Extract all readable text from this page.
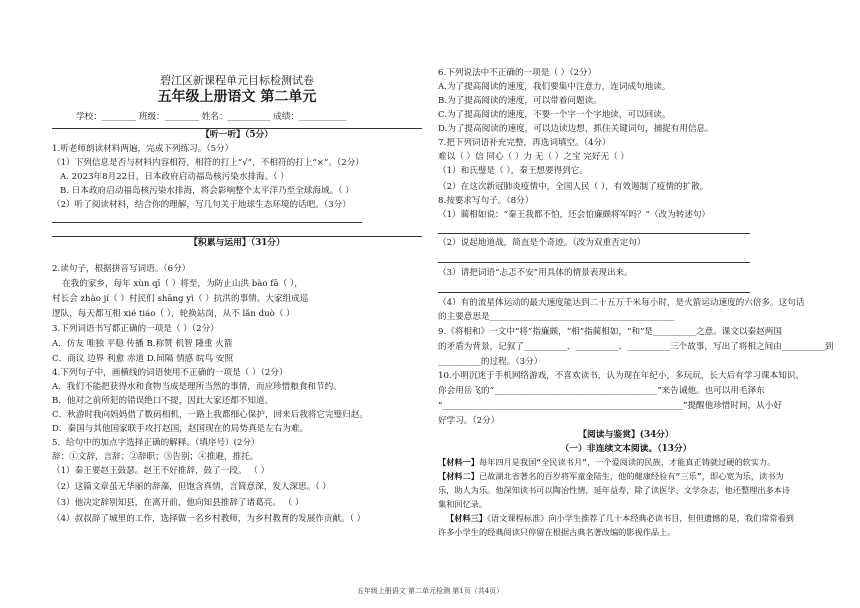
碧江区新课程单元目标检测试卷
五年级上册语文 第二单元
学校：________ 班级：________ 姓名：__________ 成绩：___________
【听一听】（5分）
1.听老师朗读材料两遍，完成下列练习。（5分）
（1）下列信息是否与材料内容相符，相符的打上“√”，不相符的打上“×”。（2分）
A. 2023年8月22日，日本政府启动福岛核污染水排海。（ ）
B. 日本政府启动福岛核污染水排海，将会影响整个太平洋乃至全球海域。（ ）
（2）听了阅读材料，结合你的理解，写几句关于地球生态环境的话吧。（3分）
【积累与运用】（31分）
2.读句子，根据拼音写词语。（6分）
在我的家乡，每年 xùn qī（ ）将至，为防止山洪 bào fā（ ），
村长会 zhào jí（ ）村民们 shāng yì（ ）抗洪的事情。大家组成巡
逻队，每天都互相 xié tiáo（ ），轮换站岗，从不 lǎn duò（ ）
3.下列词语书写都正确的一项是（ ）（2分）
A．仿友 唯独 平稳 传播 B.称赞 机智 隆重 火箭
C．商议 边界 利愈 赤道 D.间隔 情感 皖鸟 安照
4.下列句子中，画横线的词语使用不正确的一项是（ ）（2分）
A．我们不能把获得水和食物当成是理所当然的事情，而应珍惜粮食和节约。
B．他对之前所犯的错误绝口不提，因此大家还都不知道。
C．秋游时我向妈妈借了数码相机，一路上我都细心保护，回来后我将它完璧归赵。
D．秦国与其他国家联手攻打赵国，赵国现在的局势真是左右为难。
5．给句中的加点字选择正确的解释。（填序号）(2分）
辞：①文辞，言辞；②辞职；③告别；④推避，推托。
（1）秦王要赵王鼓瑟。赵王不好推辞，鼓了一段。 （ ）
（2）这篇文章虽无华丽的辞藻，但饱含真情，言简意深，发人深思。（ ）
（3）他决定辞别知县，在离开前，他向知县推辞了诸葛亮。 （ ）
（4）叔叔辞了城里的工作，选择做一名乡村教师，为乡村教育的发展作贡献。（ ）
6.下列说法中不正确的一项是（ ）（2分）
A.为了提高阅读的速度，我们要集中注意力，连词成句地读。
B.为了提高阅读的速度，可以带着问题读。
C.为了提高阅读的速度，不要一个字一个字地读，可以回读。
D.为了提高阅读的速度，可以边读边想，抓住关键词句，捕捉有用信息。
7.把下列词语补充完整，再选词填空。（4分）
难以（ ）信 同心（ ）力 无（ ）之宝 完好无（ ）
（1）和氏璧是（ ），秦王想要得到它。
（2）在这次新冠肺炎疫情中，全国人民（ ），有效遏制了疫情的扩散。
8.按要求写句子。（8分）
（1）蔺相如说：“秦王我都不怕，还会怕廉颇将军吗？”（改为转述句）
（2）说起地道战，简直是个奇迹。（改为双重否定句）
（3）请把词语“忐忑不安”用具体的情景表现出来。
（4）有的流星体运动的最大速度能达到二十五万千米每小时，是火箭运动速度的六倍多。这句话
的主要意思是___________________________________________
9.《将相和》一文中“将”指廉颇，“相”指蔺相如，“和”是__________之意。课文以秦赵两国
的矛盾为背景，记叙了__________、__________、__________三个故事，写出了将相之间由__________到
__________的过程。（3分）
10.小明沉迷于手机网络游戏，不喜欢读书，认为现在年纪小，多玩玩，长大后有学习课本知识。
你会用岳飞的“______________________________________”来告诫他。也可以用毛泽东
“________________________________________________________”提醒他珍惜时间，从小好
好学习。（2分）
【阅读与鉴赏】(34分）
（一）非连续文本阅读。（13分）
【材料一】每年四月是我国“全民读书月”，一个爱阅读的民族，才能真正铸就过硬的软实力。
【材料二】已故湖北省著名的百岁将军童金陆生，他的健康经验有“三乐”，即心宽为乐，读书为
乐，助人为乐。他深知读书可以陶冶性情，延年益寿，除了读医学、文学杂志，他还整理出多本诗
集和回忆录。
【材料三】《语文课程标准》向小学生推荐了几十本经典必读书目，但但遗憾的是，我们常常看到
许多小学生的经典阅读只停留在根据古典名著改编的影视作品上。
五年级上册语文 第二单元检测 第1页（共4页）
